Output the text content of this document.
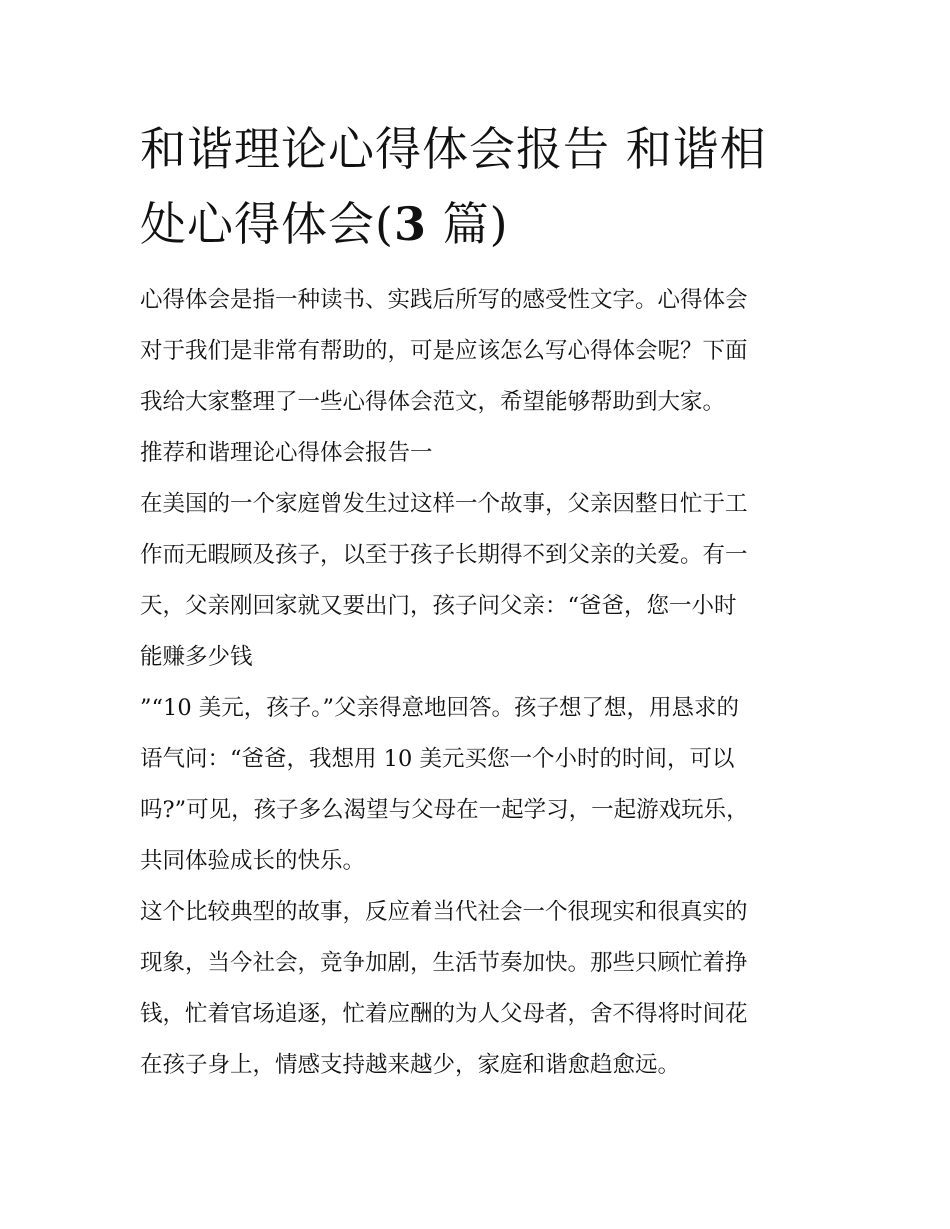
和谐理论心得体会报告 和谐相
处心得体会(3 篇)
心得体会是指一种读书、实践后所写的感受性文字。心得体会
对于我们是非常有帮助的，可是应该怎么写心得体会呢？下面
我给大家整理了一些心得体会范文，希望能够帮助到大家。
推荐和谐理论心得体会报告一
在美国的一个家庭曾发生过这样一个故事，父亲因整日忙于工
作而无暇顾及孩子，以至于孩子长期得不到父亲的关爱。有一
天，父亲刚回家就又要出门，孩子问父亲：“爸爸，您一小时
能赚多少钱
”“10 美元，孩子。”父亲得意地回答。孩子想了想，用恳求的
语气问：“爸爸，我想用 10 美元买您一个小时的时间，可以
吗?”可见，孩子多么渴望与父母在一起学习，一起游戏玩乐，
共同体验成长的快乐。
这个比较典型的故事，反应着当代社会一个很现实和很真实的
现象，当今社会，竞争加剧，生活节奏加快。那些只顾忙着挣
钱，忙着官场追逐，忙着应酬的为人父母者，舍不得将时间花
在孩子身上，情感支持越来越少，家庭和谐愈趋愈远。
